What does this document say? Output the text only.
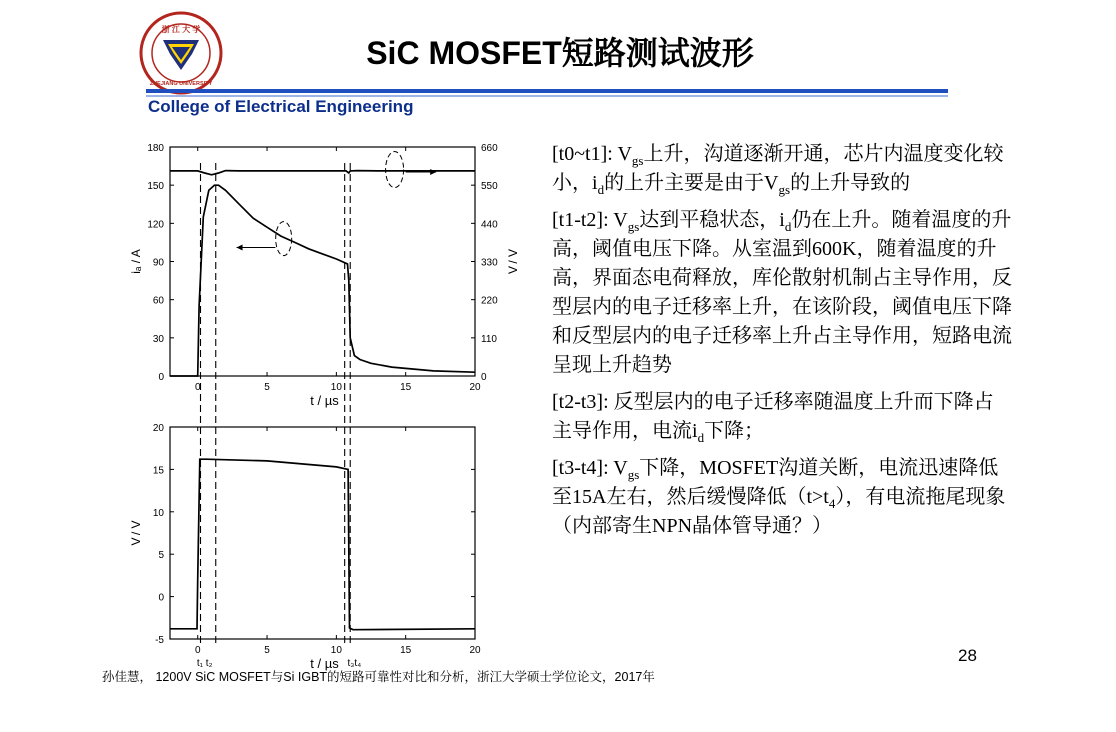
浙 江 大 学
ZHEJIANG UNIVERSITY
SiC MOSFET短路测试波形
College of Electrical Engineering
0	5	10	15	20
0
30
60
90
120
150
180
0
110
220
330
440
550
660
V / V
iₐ / A
t / µs
0	5	10	15	20
-5
0
5
10
15
20
V / V
t / µs
t₁ t₂	t₃t₄

[t0~t1]: $V_{gs}$上升，沟道逐渐开通，芯片内温度变化较小，$i_d$的上升主要是由于$V_{gs}$的上升导致的

[t1-t2]: $V_{gs}$达到平稳状态，$i_d$仍在上升。随着温度的升高，阈值电压下降。从室温到600K，随着温度的升高，界面态电荷释放，库伦散射机制占主导作用，反型层内的电子迁移率上升，在该阶段，阈值电压下降和反型层内的电子迁移率上升占主导作用，短路电流呈现上升趋势

[t2-t3]: 反型层内的电子迁移率随温度上升而下降占主导作用，电流$i_d$下降；

[t3-t4]: $V_{gs}$下降，MOSFET沟道关断，电流迅速降低至15A左右，然后缓慢降低$(t>t_4)$，有电流拖尾现象（内部寄生NPN晶体管导通？）

28
孙佳慧， 1200V SiC MOSFET与Si IGBT的短路可靠性对比和分析，浙江大学硕士学位论文，2017年
